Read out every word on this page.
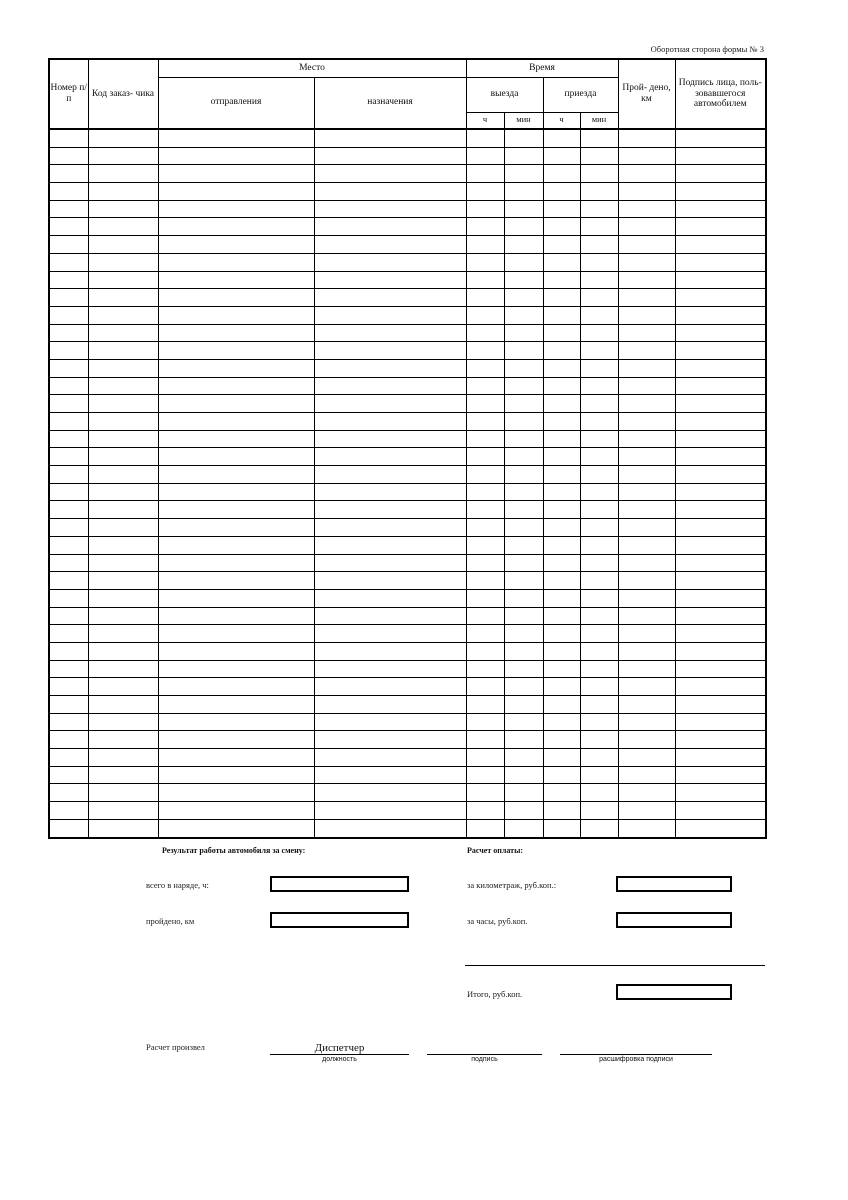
Оборотная сторона формы № 3
Номер п/п	Код заказ- чика	Место		Время				Прой- дено, км	Подпись лица, поль- зовавшегося автомобилем
		отправления	назначения	выезда		приезда			
				ч	мин	ч	мин		

Результат работы автомобиля за смену:
всего в наряде, ч:
пройдено, км
Расчет оплаты:
за километраж, руб.коп.:
за часы, руб.коп.
Итого, руб.коп.
Расчет произвел	Диспетчер
должность	подпись	расшифровка подписи
